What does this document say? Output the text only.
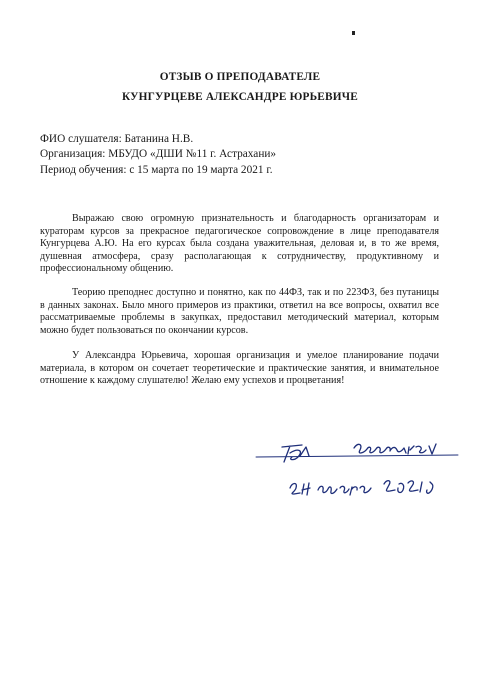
ОТЗЫВ О ПРЕПОДАВАТЕЛЕ
КУНГУРЦЕВЕ АЛЕКСАНДРЕ ЮРЬЕВИЧЕ
ФИО слушателя: Батанина Н.В.
Организация: МБУДО «ДШИ №11 г. Астрахани»
Период обучения: с 15 марта по 19 марта 2021 г.
Выражаю свою огромную признательность и благодарность организаторам и кураторам курсов за прекрасное педагогическое сопровождение в лице преподавателя Кунгурцева А.Ю. На его курсах была создана уважительная, деловая и, в то же время, душевная атмосфера, сразу располагающая к сотрудничеству, продуктивному и профессиональному общению.
Теорию преподнес доступно и понятно, как по 44ФЗ, так и по 223ФЗ, без путаницы в данных законах. Было много примеров из практики, ответил на все вопросы, охватил все рассматриваемые проблемы в закупках, предоставил методический материал, которым можно будет пользоваться по окончании курсов.
У Александра Юрьевича, хорошая организация и умелое планирование подачи материала, в котором он сочетает теоретические и практические занятия, и внимательное отношение к каждому слушателю! Желаю ему успехов и процветания!
